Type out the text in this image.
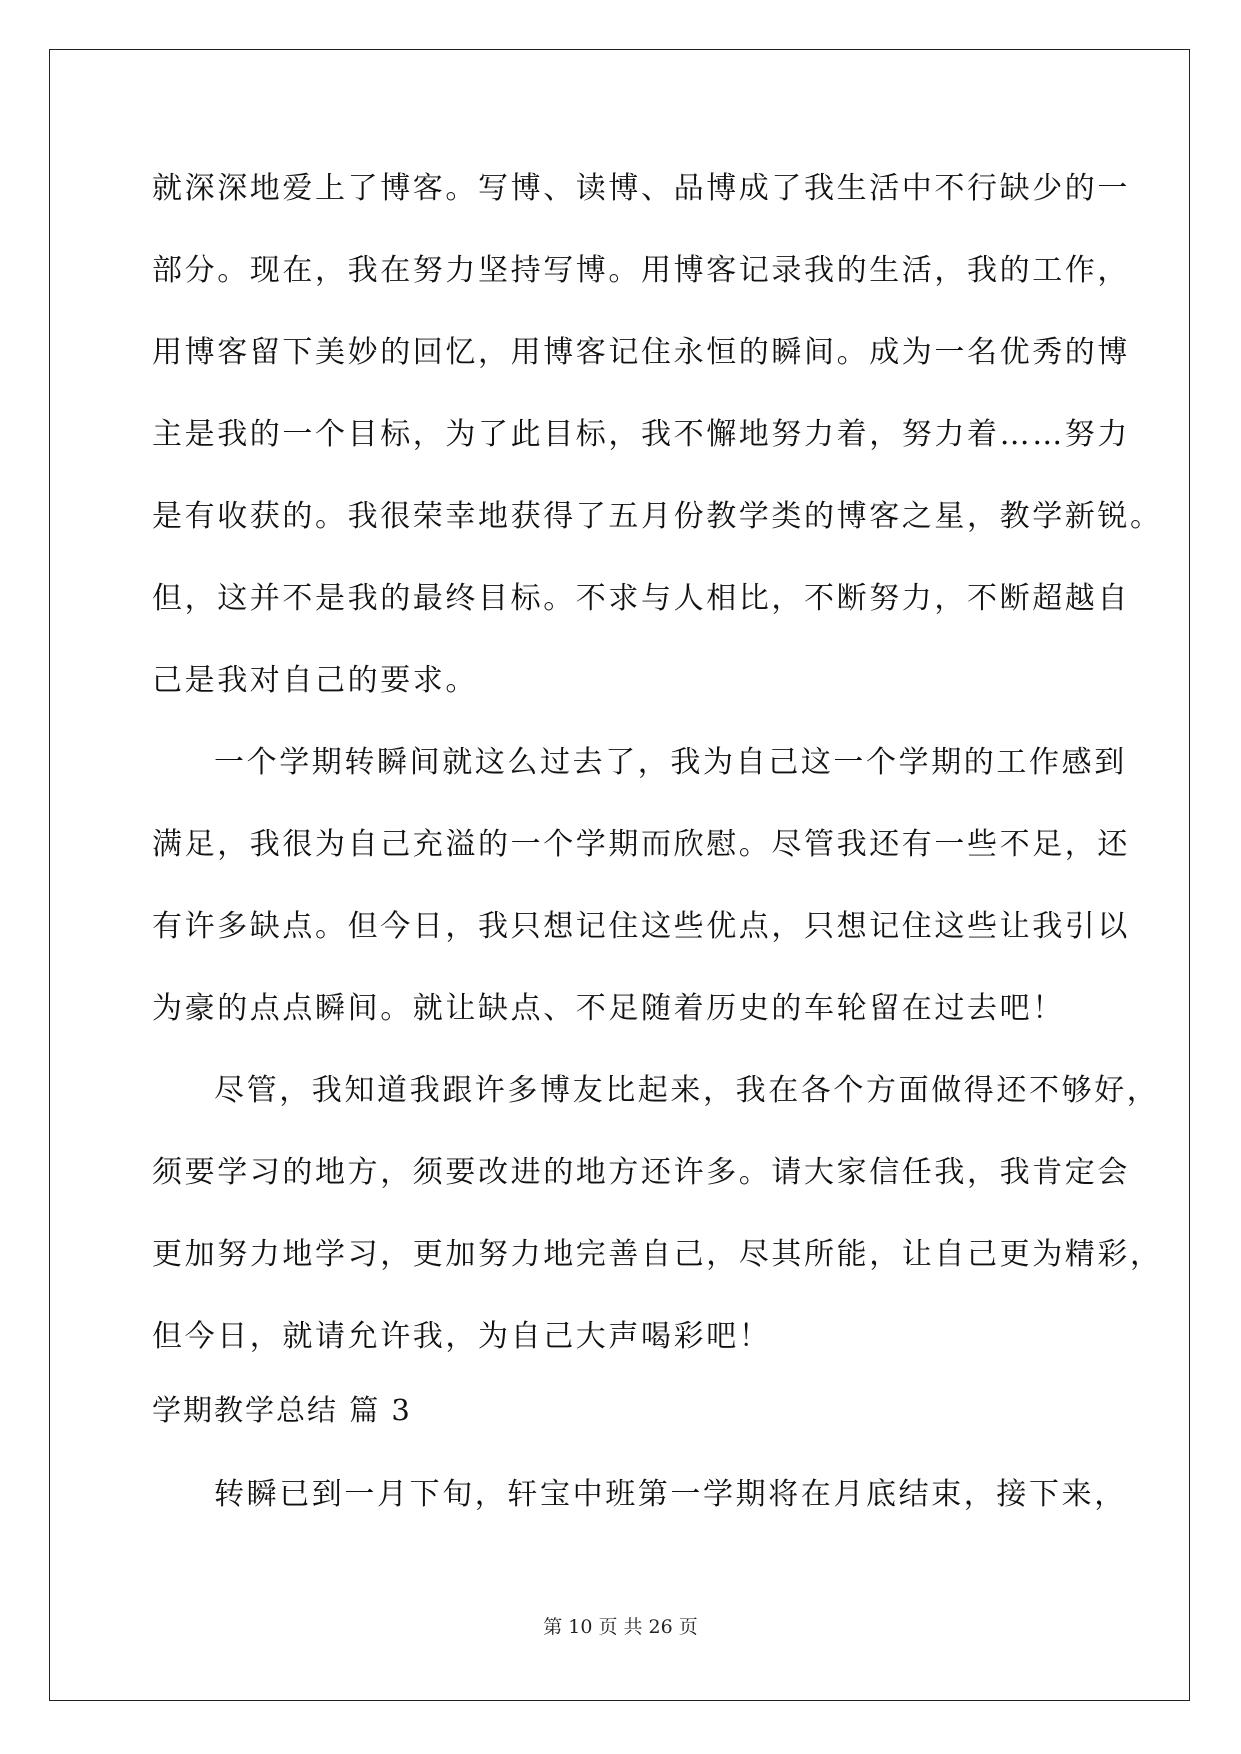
就深深地爱上了博客。写博、读博、品博成了我生活中不行缺少的一
部分。现在，我在努力坚持写博。用博客记录我的生活，我的工作，
用博客留下美妙的回忆，用博客记住永恒的瞬间。成为一名优秀的博
主是我的一个目标，为了此目标，我不懈地努力着，努力着……努力
是有收获的。我很荣幸地获得了五月份教学类的博客之星，教学新锐。
但，这并不是我的最终目标。不求与人相比，不断努力，不断超越自
己是我对自己的要求。
一个学期转瞬间就这么过去了，我为自己这一个学期的工作感到
满足，我很为自己充溢的一个学期而欣慰。尽管我还有一些不足，还
有许多缺点。但今日，我只想记住这些优点，只想记住这些让我引以
为豪的点点瞬间。就让缺点、不足随着历史的车轮留在过去吧！
尽管，我知道我跟许多博友比起来，我在各个方面做得还不够好，
须要学习的地方，须要改进的地方还许多。请大家信任我，我肯定会
更加努力地学习，更加努力地完善自己，尽其所能，让自己更为精彩，
但今日，就请允许我，为自己大声喝彩吧！
学期教学总结 篇 3
转瞬已到一月下旬，轩宝中班第一学期将在月底结束，接下来，
第 10 页 共 26 页
